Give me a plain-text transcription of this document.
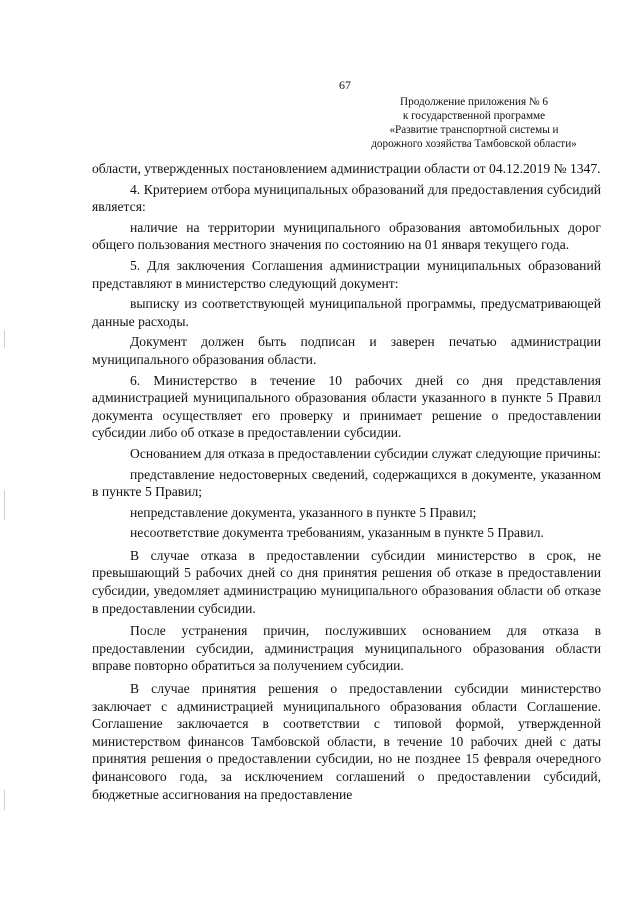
67
Продолжение приложения № 6
к государственной программе
«Развитие транспортной системы и
дорожного хозяйства Тамбовской области»

области, утвержденных постановлением администрации области от 04.12.2019 № 1347.

4. Критерием отбора муниципальных образований для предоставления субсидий является:

наличие на территории муниципального образования автомобильных дорог общего пользования местного значения по состоянию на 01 января текущего года.

5. Для заключения Соглашения администрации муниципальных образований представляют в министерство следующий документ:

выписку из соответствующей муниципальной программы, предусматривающей данные расходы.

Документ должен быть подписан и заверен печатью администрации муниципального образования области.

6. Министерство в течение 10 рабочих дней со дня представления администрацией муниципального образования области указанного в пункте 5 Правил документа осуществляет его проверку и принимает решение о предоставлении субсидии либо об отказе в предоставлении субсидии.

Основанием для отказа в предоставлении субсидии служат следующие причины:

представление недостоверных сведений, содержащихся в документе, указанном в пункте 5 Правил;

непредставление документа, указанного в пункте 5 Правил;

несоответствие документа требованиям, указанным в пункте 5 Правил.

В случае отказа в предоставлении субсидии министерство в срок, не превышающий 5 рабочих дней со дня принятия решения об отказе в предоставлении субсидии, уведомляет администрацию муниципального образования области об отказе в предоставлении субсидии.

После устранения причин, послуживших основанием для отказа в предоставлении субсидии, администрация муниципального образования области вправе повторно обратиться за получением субсидии.

В случае принятия решения о предоставлении субсидии министерство заключает с администрацией муниципального образования области Соглашение. Соглашение заключается в соответствии с типовой формой, утвержденной министерством финансов Тамбовской области, в течение 10 рабочих дней с даты принятия решения о предоставлении субсидии, но не позднее 15 февраля очередного финансового года, за исключением соглашений о предоставлении субсидий, бюджетные ассигнования на предоставление
